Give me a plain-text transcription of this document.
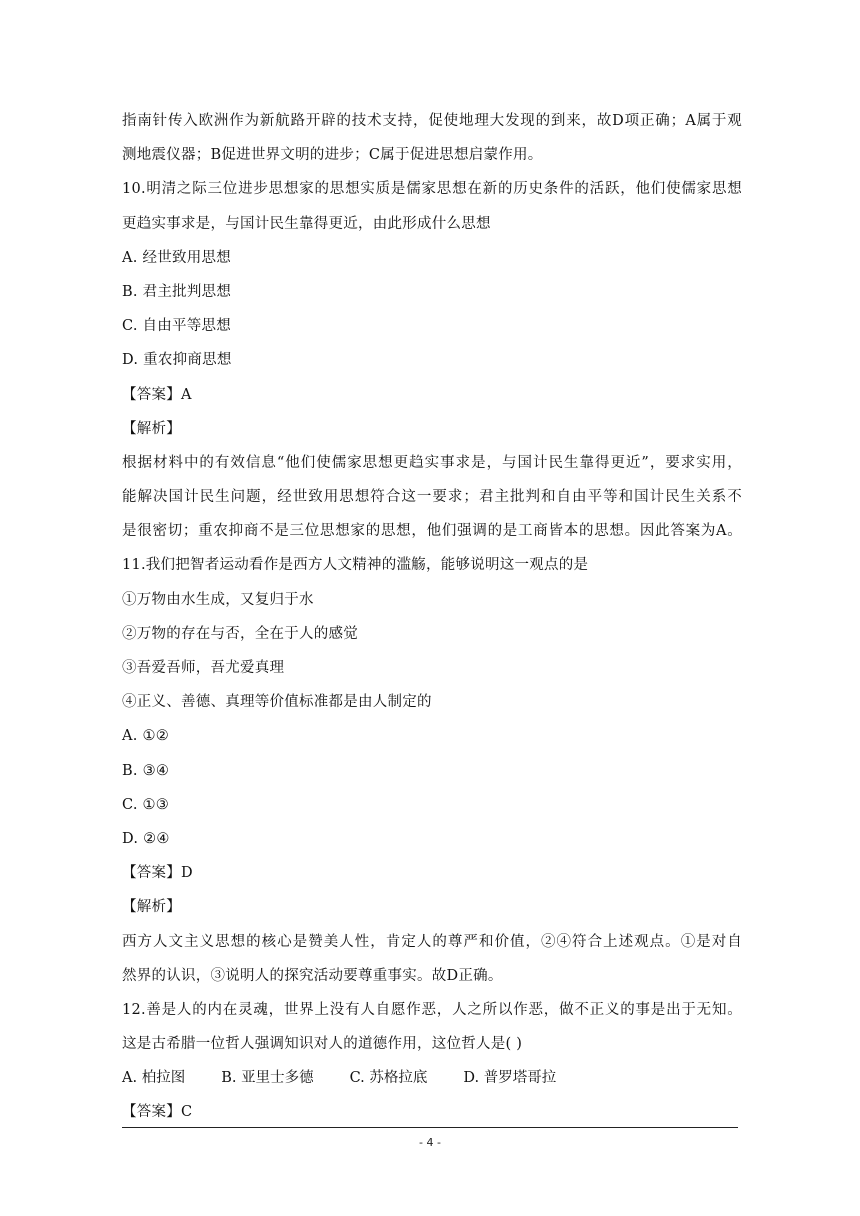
指南针传入欧洲作为新航路开辟的技术支持，促使地理大发现的到来，故D项正确；A属于观
测地震仪器；B促进世界文明的进步；C属于促进思想启蒙作用。
10.明清之际三位进步思想家的思想实质是儒家思想在新的历史条件的活跃，他们使儒家思想
更趋实事求是，与国计民生靠得更近，由此形成什么思想
A. 经世致用思想
B. 君主批判思想
C. 自由平等思想
D. 重农抑商思想
【答案】A
【解析】
根据材料中的有效信息“他们使儒家思想更趋实事求是，与国计民生靠得更近”，要求实用，
能解决国计民生问题，经世致用思想符合这一要求；君主批判和自由平等和国计民生关系不
是很密切；重农抑商不是三位思想家的思想，他们强调的是工商皆本的思想。因此答案为A。
11.我们把智者运动看作是西方人文精神的滥觞，能够说明这一观点的是
①万物由水生成，又复归于水
②万物的存在与否，全在于人的感觉
③吾爱吾师，吾尤爱真理
④正义、善德、真理等价值标准都是由人制定的
A. ①②
B. ③④
C. ①③
D. ②④
【答案】D
【解析】
西方人文主义思想的核心是赞美人性，肯定人的尊严和价值，②④符合上述观点。①是对自
然界的认识，③说明人的探究活动要尊重事实。故D正确。
12.善是人的内在灵魂，世界上没有人自愿作恶，人之所以作恶，做不正义的事是出于无知。
这是古希腊一位哲人强调知识对人的道德作用，这位哲人是( )
A. 柏拉图 B. 亚里士多德 C. 苏格拉底 D. 普罗塔哥拉
【答案】C
- 4 -
